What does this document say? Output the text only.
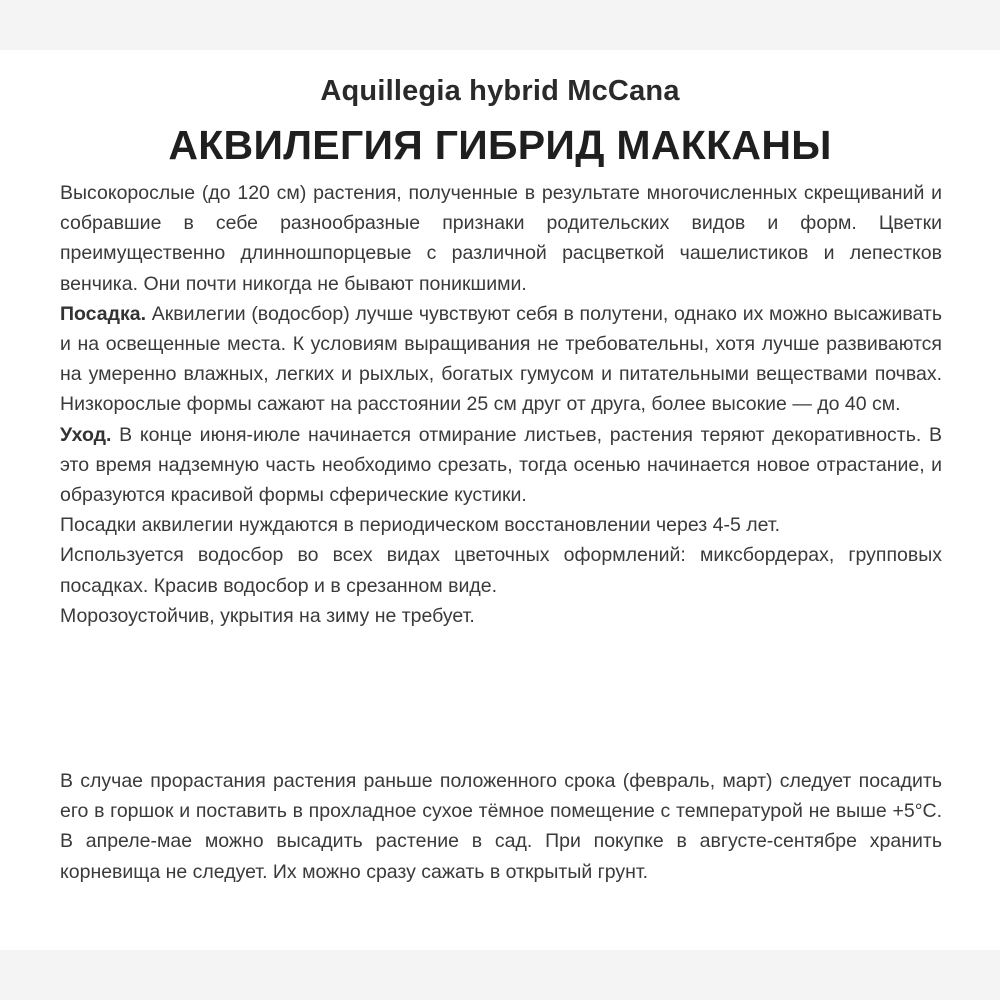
Aquillegia hybrid McCana
АКВИЛЕГИЯ ГИБРИД МАККАНЫ

Высокорослые (до 120 см) растения, полученные в результате многочисленных скрещиваний и собравшие в себе разнообразные признаки родительских видов и форм. Цветки преимущественно длинношпорцевые с различной расцветкой чашелистиков и лепестков венчика. Они почти никогда не бывают поникшими.

Посадка. Аквилегии (водосбор) лучше чувствуют себя в полутени, однако их можно высаживать и на освещенные места. К условиям выращивания не требовательны, хотя лучше развиваются на умеренно влажных, легких и рыхлых, богатых гумусом и питательными веществами почвах. Низкорослые формы сажают на расстоянии 25 см друг от друга, более высокие — до 40 см.

Уход. В конце июня-июле начинается отмирание листьев, растения теряют декоративность. В это время надземную часть необходимо срезать, тогда осенью начинается новое отрастание, и образуются красивой формы сферические кустики.

Посадки аквилегии нуждаются в периодическом восстановлении через 4-5 лет.

Используется водосбор во всех видах цветочных оформлений: миксбордерах, групповых посадках. Красив водосбор и в срезанном виде.

Морозоустойчив, укрытия на зиму не требует.

В случае прорастания растения раньше положенного срока (февраль, март) следует посадить его в горшок и поставить в прохладное сухое тёмное помещение с температурой не выше +5°С. В апреле-мае можно высадить растение в сад. При покупке в августе-сентябре хранить корневища не следует. Их можно сразу сажать в открытый грунт.
